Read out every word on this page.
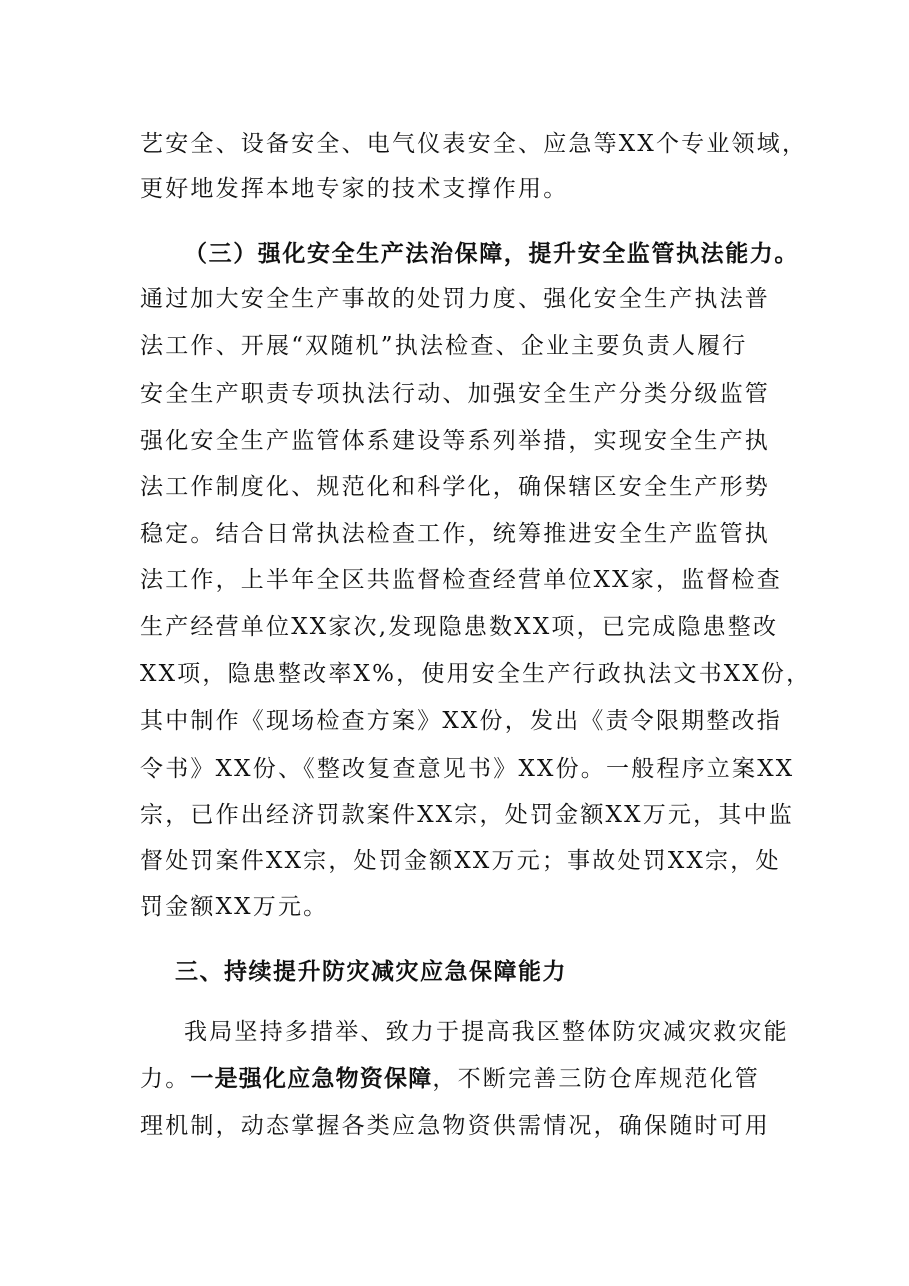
艺安全、设备安全、电气仪表安全、应急等XX个专业领域，
更好地发挥本地专家的技术支撑作用。
（三）强化安全生产法治保障，提升安全监管执法能力。
通过加大安全生产事故的处罚力度、强化安全生产执法普
法工作、开展“双随机”执法检查、企业主要负责人履行
安全生产职责专项执法行动、加强安全生产分类分级监管
强化安全生产监管体系建设等系列举措，实现安全生产执
法工作制度化、规范化和科学化，确保辖区安全生产形势
稳定。结合日常执法检查工作，统筹推进安全生产监管执
法工作，上半年全区共监督检查经营单位XX家，监督检查
生产经营单位XX家次,发现隐患数XX项，已完成隐患整改
XX项，隐患整改率X%，使用安全生产行政执法文书XX份，
其中制作《现场检查方案》XX份，发出《责令限期整改指
令书》XX份、《整改复查意见书》XX份。一般程序立案XX
宗，已作出经济罚款案件XX宗，处罚金额XX万元，其中监
督处罚案件XX宗，处罚金额XX万元；事故处罚XX宗，处
罚金额XX万元。
三、持续提升防灾减灾应急保障能力
我局坚持多措举、致力于提高我区整体防灾减灾救灾能
力。一是强化应急物资保障，不断完善三防仓库规范化管
理机制，动态掌握各类应急物资供需情况，确保随时可用
